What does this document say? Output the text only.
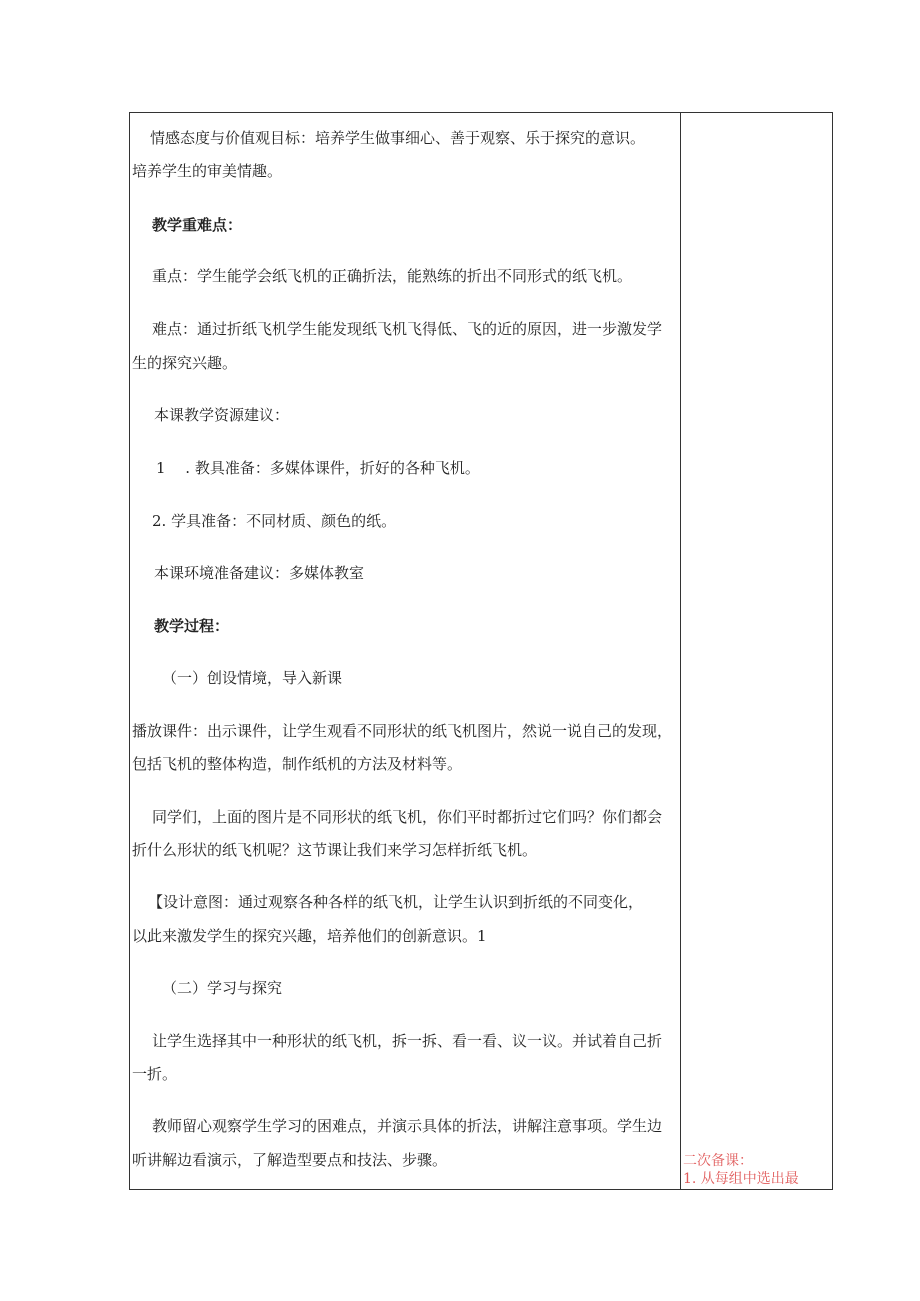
情感态度与价值观目标：培养学生做事细心、善于观察、乐于探究的意识。
培养学生的审美情趣。
教学重难点：
重点：学生能学会纸飞机的正确折法，能熟练的折出不同形式的纸飞机。
难点：通过折纸飞机学生能发现纸飞机飞得低、飞的近的原因，进一步激发学
生的探究兴趣。
本课教学资源建议：
1　 . 教具准备：多媒体课件，折好的各种飞机。
2. 学具准备：不同材质、颜色的纸。
本课环境准备建议：多媒体教室
教学过程：
（一）创设情境，导入新课
播放课件：出示课件，让学生观看不同形状的纸飞机图片，然说一说自己的发现，
包括飞机的整体构造，制作纸机的方法及材料等。
同学们，上面的图片是不同形状的纸飞机，你们平时都折过它们吗？你们都会
折什么形状的纸飞机呢？这节课让我们来学习怎样折纸飞机。
【设计意图：通过观察各种各样的纸飞机，让学生认识到折纸的不同变化，
以此来激发学生的探究兴趣，培养他们的创新意识。1
（二）学习与探究
让学生选择其中一种形状的纸飞机，拆一拆、看一看、议一议。并试着自己折
一折。
教师留心观察学生学习的困难点，并演示具体的折法，讲解注意事项。学生边
听讲解边看演示，了解造型要点和技法、步骤。	二次备课：
1. 从每组中选出最
